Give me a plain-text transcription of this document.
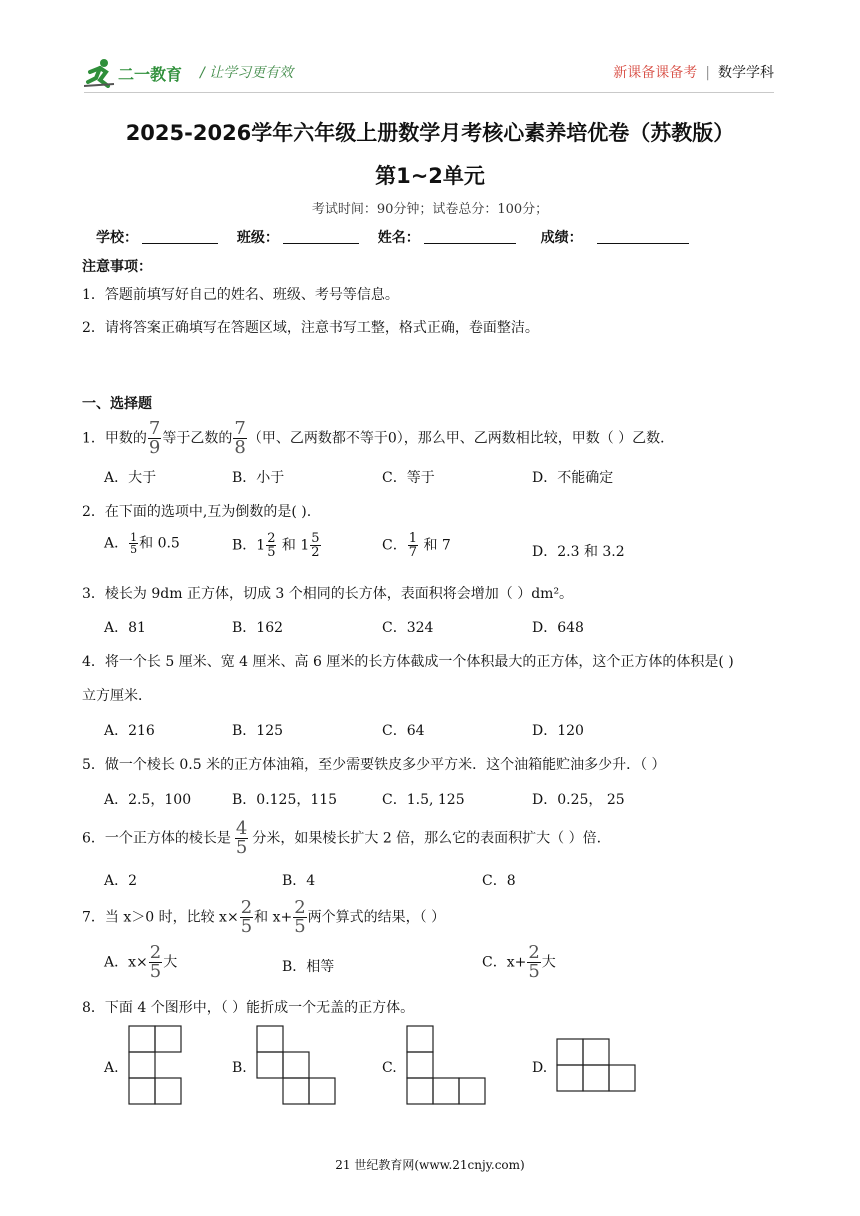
二一教育 / 让学习更有效	新课备课备考 | 数学学科
2025-2026学年六年级上册数学月考核心素养培优卷（苏教版）
第1~2单元
考试时间：90分钟；试卷总分：100分；
学校：	班级：	姓名：	成绩：
注意事项：
1．答题前填写好自己的姓名、班级、考号等信息。
2．请将答案正确填写在答题区域，注意书写工整，格式正确，卷面整洁。
一、选择题
1．甲数的 $\frac{7}{9}$ 等于乙数的 $\frac{7}{8}$ （甲、乙两数都不等于0），那么甲、乙两数相比较，甲数（ ）乙数．
A．大于	B．小于	C．等于	D．不能确定
2．在下面的选项中,互为倒数的是( ).
A． $\frac{1}{5}$ 和 0.5	B．$1 \frac{2}{5}$ 和 $1 \frac{5}{2}$	C． $\frac{1}{7}$ 和 7	D．2.3 和 3.2
3．棱长为 9dm 正方体，切成 3 个相同的长方体，表面积将会增加（ ）dm²。
A．81	B．162	C．324	D．648
4．将一个长 5 厘米、宽 4 厘米、高 6 厘米的长方体截成一个体积最大的正方体，这个正方体的体积是( )
立方厘米．
A．216	B．125	C．64	D．120
5．做一个棱长 0.5 米的正方体油箱，至少需要铁皮多少平方米．这个油箱能贮油多少升．（ ）
A．2.5，100	B．0.125，115	C．1.5, 125	D．0.25， 25
6．一个正方体的棱长是 $\frac{4}{5}$ 分米，如果棱长扩大 2 倍，那么它的表面积扩大（ ）倍.
A．2	B．4	C．8
7．当 x＞0 时，比较 $x\times \frac{2}{5}$ 和 $x+ \frac{2}{5}$ 两个算式的结果，（ ）
A．$x\times \frac{2}{5}$ 大	B．相等	C．$x+ \frac{2}{5}$ 大
8．下面 4 个图形中，（ ）能折成一个无盖的正方体。
A.	B.	C.	D.
21 世纪教育网(www.21cnjy.com)
